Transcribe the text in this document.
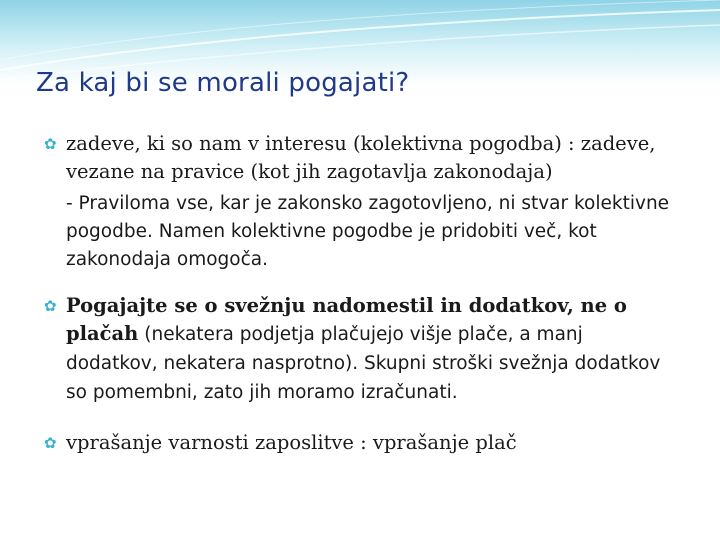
Za kaj bi se morali pogajati?
✿ zadeve, ki so nam v interesu (kolektivna pogodba) : zadeve, vezane na pravice (kot jih zagotavlja zakonodaja)
- Praviloma vse, kar je zakonsko zagotovljeno, ni stvar kolektivne pogodbe. Namen kolektivne pogodbe je pridobiti več, kot zakonodaja omogoča.
✿ Pogajajte se o svežnju nadomestil in dodatkov, ne o plačah (nekatera podjetja plačujejo višje plače, a manj dodatkov, nekatera nasprotno). Skupni stroški svežnja dodatkov so pomembni, zato jih moramo izračunati.
✿ vprašanje varnosti zaposlitve : vprašanje plač
